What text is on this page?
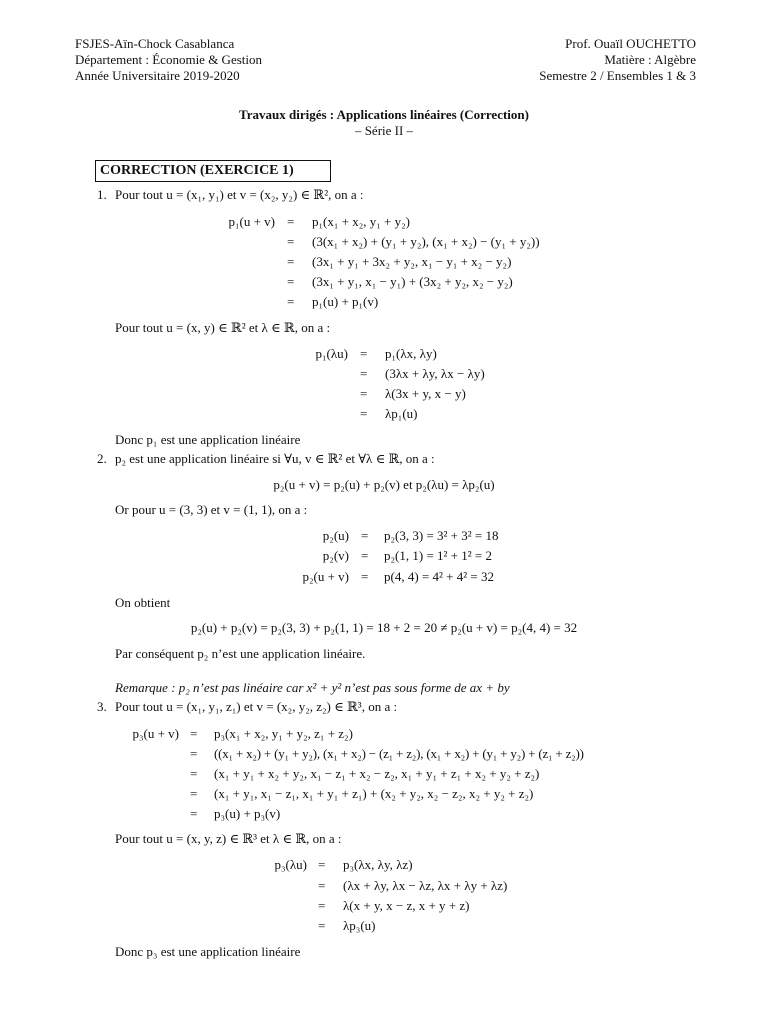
FSJES-Aïn-Chock Casablanca
Département : Économie & Gestion
Année Universitaire 2019-2020
Prof. Ouaïl OUCHETTO
Matière : Algèbre
Semestre 2 / Ensembles 1 & 3
Travaux dirigés : Applications linéaires (Correction)
– Série II –
CORRECTION (EXERCICE 1)
1. Pour tout u = (x₁, y₁) et v = (x₂, y₂) ∈ ℝ², on a :
p₁(u + v) =
=
=
=
=
p₁(x₁ + x₂, y₁ + y₂)
(3(x₁ + x₂) + (y₁ + y₂), (x₁ + x₂) − (y₁ + y₂))
(3x₁ + y₁ + 3x₂ + y₂, x₁ − y₁ + x₂ − y₂)
(3x₁ + y₁, x₁ − y₁) + (3x₂ + y₂, x₂ − y₂)
p₁(u) + p₁(v)
Pour tout u = (x, y) ∈ ℝ² et λ ∈ ℝ, on a :
p₁(λu) =
=
=
=
p₁(λx, λy)
(3λx + λy, λx − λy)
λ(3x + y, x − y)
λp₁(u)
Donc p₁ est une application linéaire
2. p₂ est une application linéaire si ∀u, v ∈ ℝ² et ∀λ ∈ ℝ, on a :
p₂(u + v) = p₂(u) + p₂(v) et p₂(λu) = λp₂(u)
Or pour u = (3, 3) et v = (1, 1), on a :
p₂(u)
p₂(v)
p₂(u + v)
=
=
=
p₂(3, 3) = 3² + 3² = 18
p₂(1, 1) = 1² + 1² = 2
p(4, 4) = 4² + 4² = 32
On obtient
p₂(u) + p₂(v) = p₂(3, 3) + p₂(1, 1) = 18 + 2 = 20 ≠ p₂(u + v) = p₂(4, 4) = 32
Par conséquent p₂ n’est une application linéaire.
Remarque : p₂ n’est pas linéaire car x² + y² n’est pas sous forme de ax + by
3. Pour tout u = (x₁, y₁, z₁) et v = (x₂, y₂, z₂) ∈ ℝ³, on a :
p₃(u + v) =
=
=
=
=
p₃(x₁ + x₂, y₁ + y₂, z₁ + z₂)
((x₁ + x₂) + (y₁ + y₂), (x₁ + x₂) − (z₁ + z₂), (x₁ + x₂) + (y₁ + y₂) + (z₁ + z₂))
(x₁ + y₁ + x₂ + y₂, x₁ − z₁ + x₂ − z₂, x₁ + y₁ + z₁ + x₂ + y₂ + z₂)
(x₁ + y₁, x₁ − z₁, x₁ + y₁ + z₁) + (x₂ + y₂, x₂ − z₂, x₂ + y₂ + z₂)
p₃(u) + p₃(v)
Pour tout u = (x, y, z) ∈ ℝ³ et λ ∈ ℝ, on a :
p₃(λu) =
=
=
=
p₃(λx, λy, λz)
(λx + λy, λx − λz, λx + λy + λz)
λ(x + y, x − z, x + y + z)
λp₃(u)
Donc p₃ est une application linéaire
